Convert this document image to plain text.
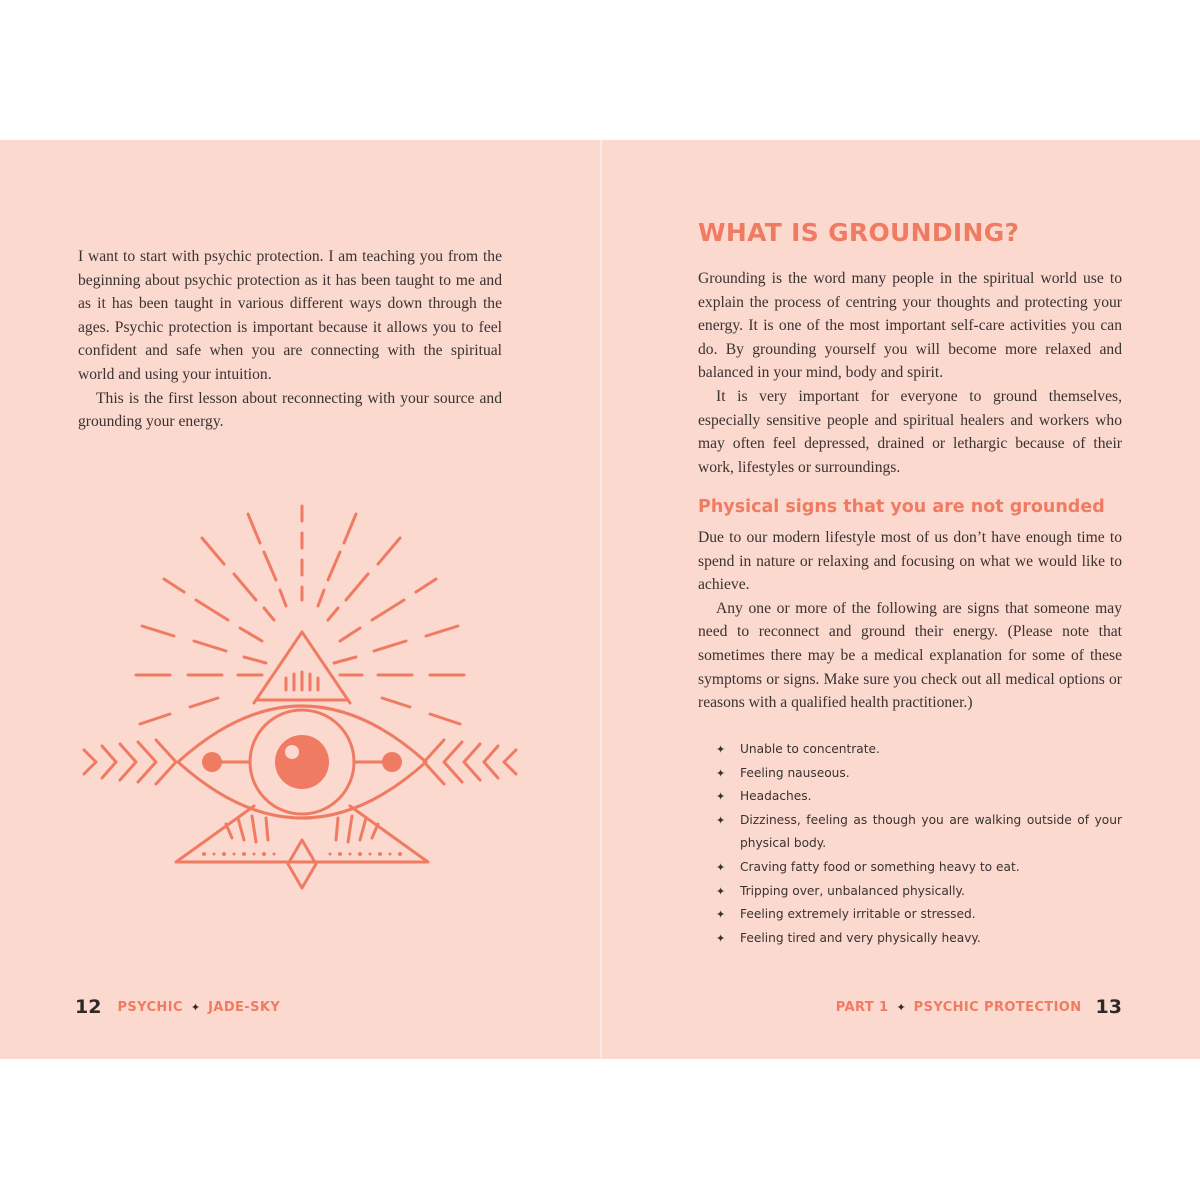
I want to start with psychic protection. I am teaching you from the beginning about psychic protection as it has been taught to me and as it has been taught in various different ways down through the ages. Psychic protection is important because it allows you to feel confident and safe when you are connecting with the spiritual world and using your intuition.

This is the first lesson about reconnecting with your source and grounding your energy.

12 PSYCHIC ✦ JADE-SKY
WHAT IS GROUNDING?

Grounding is the word many people in the spiritual world use to explain the process of centring your thoughts and protecting your energy. It is one of the most important self-care activities you can do. By grounding yourself you will become more relaxed and balanced in your mind, body and spirit.

It is very important for everyone to ground themselves, especially sensitive people and spiritual healers and workers who may often feel depressed, drained or lethargic because of their work, lifestyles or surroundings.

Physical signs that you are not grounded

Due to our modern lifestyle most of us don’t have enough time to spend in nature or relaxing and focusing on what we would like to achieve.

Any one or more of the following are signs that someone may need to reconnect and ground their energy. (Please note that sometimes there may be a medical explanation for some of these symptoms or signs. Make sure you check out all medical options or reasons with a qualified health practitioner.)

✦ Unable to concentrate.
✦ Feeling nauseous.
✦ Headaches.
✦ Dizziness, feeling as though you are walking outside of your physical body.
✦ Craving fatty food or something heavy to eat.
✦ Tripping over, unbalanced physically.
✦ Feeling extremely irritable or stressed.
✦ Feeling tired and very physically heavy.
PART 1 ✦ PSYCHIC PROTECTION 13
